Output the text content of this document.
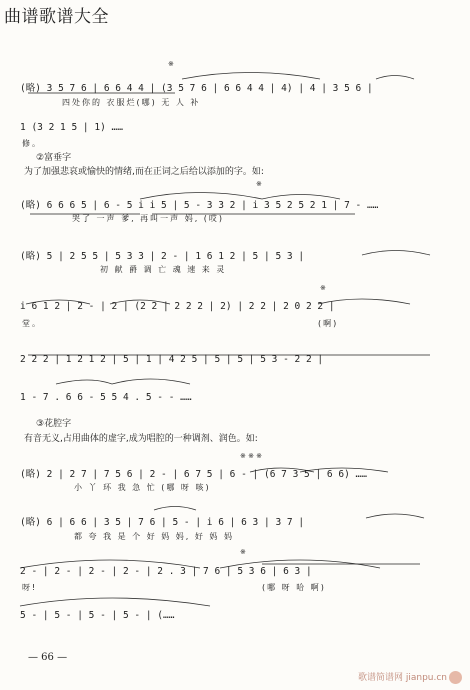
曲谱歌谱大全
※
(略) 3 5 7 6 | 6 6 4 4 | (3 5 7 6 | 6 6 4 4 | 4) | 4 | 3 5 6 |
四处你的 衣服烂(哪) 无 人 补
1 (3 2 1 5 | 1) ……
修。
②富垂字
为了加强悲哀或愉快的情绪,而在正词之后给以添加的字。如:
※
(略) 6 6 6 5 | 6 - 5 i i 5 | 5 - 3 3 2 | i 3 5 2 5 2 1 | 7 - ……
哭了 一声 爹, 再叫一声 妈, (哎)
(略) 5 | 2 5 5 | 5 3 3 | 2 - | 1 6 1 2 | 5 | 5 3 |
初 献 爵 调 亡 魂 速 来 灵
※
i 6 1 2 | 2 - | 2 | (2 2 | 2 2 2 | 2) | 2 2 | 2 0 2 2 |
堂。	(啊)
2 2 2 | 1 2 1 2 | 5 | 1 | 4 2 5 | 5 | 5 | 5 3 - 2 2 |
1 - 7 . 6 6 - 5 5 4 . 5 - - ……
③花腔字
有音无义,占用曲体的虚字,成为唱腔的一种调剂、润色。如:
※ ※ ※
(略) 2 | 2 7 | 7 5 6 | 2 - | 6 7 5 | 6 - | (6 7 3 5 | 6 6) ……
小 丫 环 我 急 忙 (哪 呀 咳)
(略) 6 | 6 6 | 3 5 | 7 6 | 5 - | i 6 | 6 3 | 3 7 |
都 夸 我 是 个 好 妈 妈, 好 妈 妈
※
2 - | 2 - | 2 - | 2 - | 2 . 3 | 7 6 | 5 3 6 | 6 3 |
呀!	(哪 呀 哈 啊)
5 - | 5 - | 5 - | 5 - | (……
— 66 —
歌谱简谱网 jianpu.cn
